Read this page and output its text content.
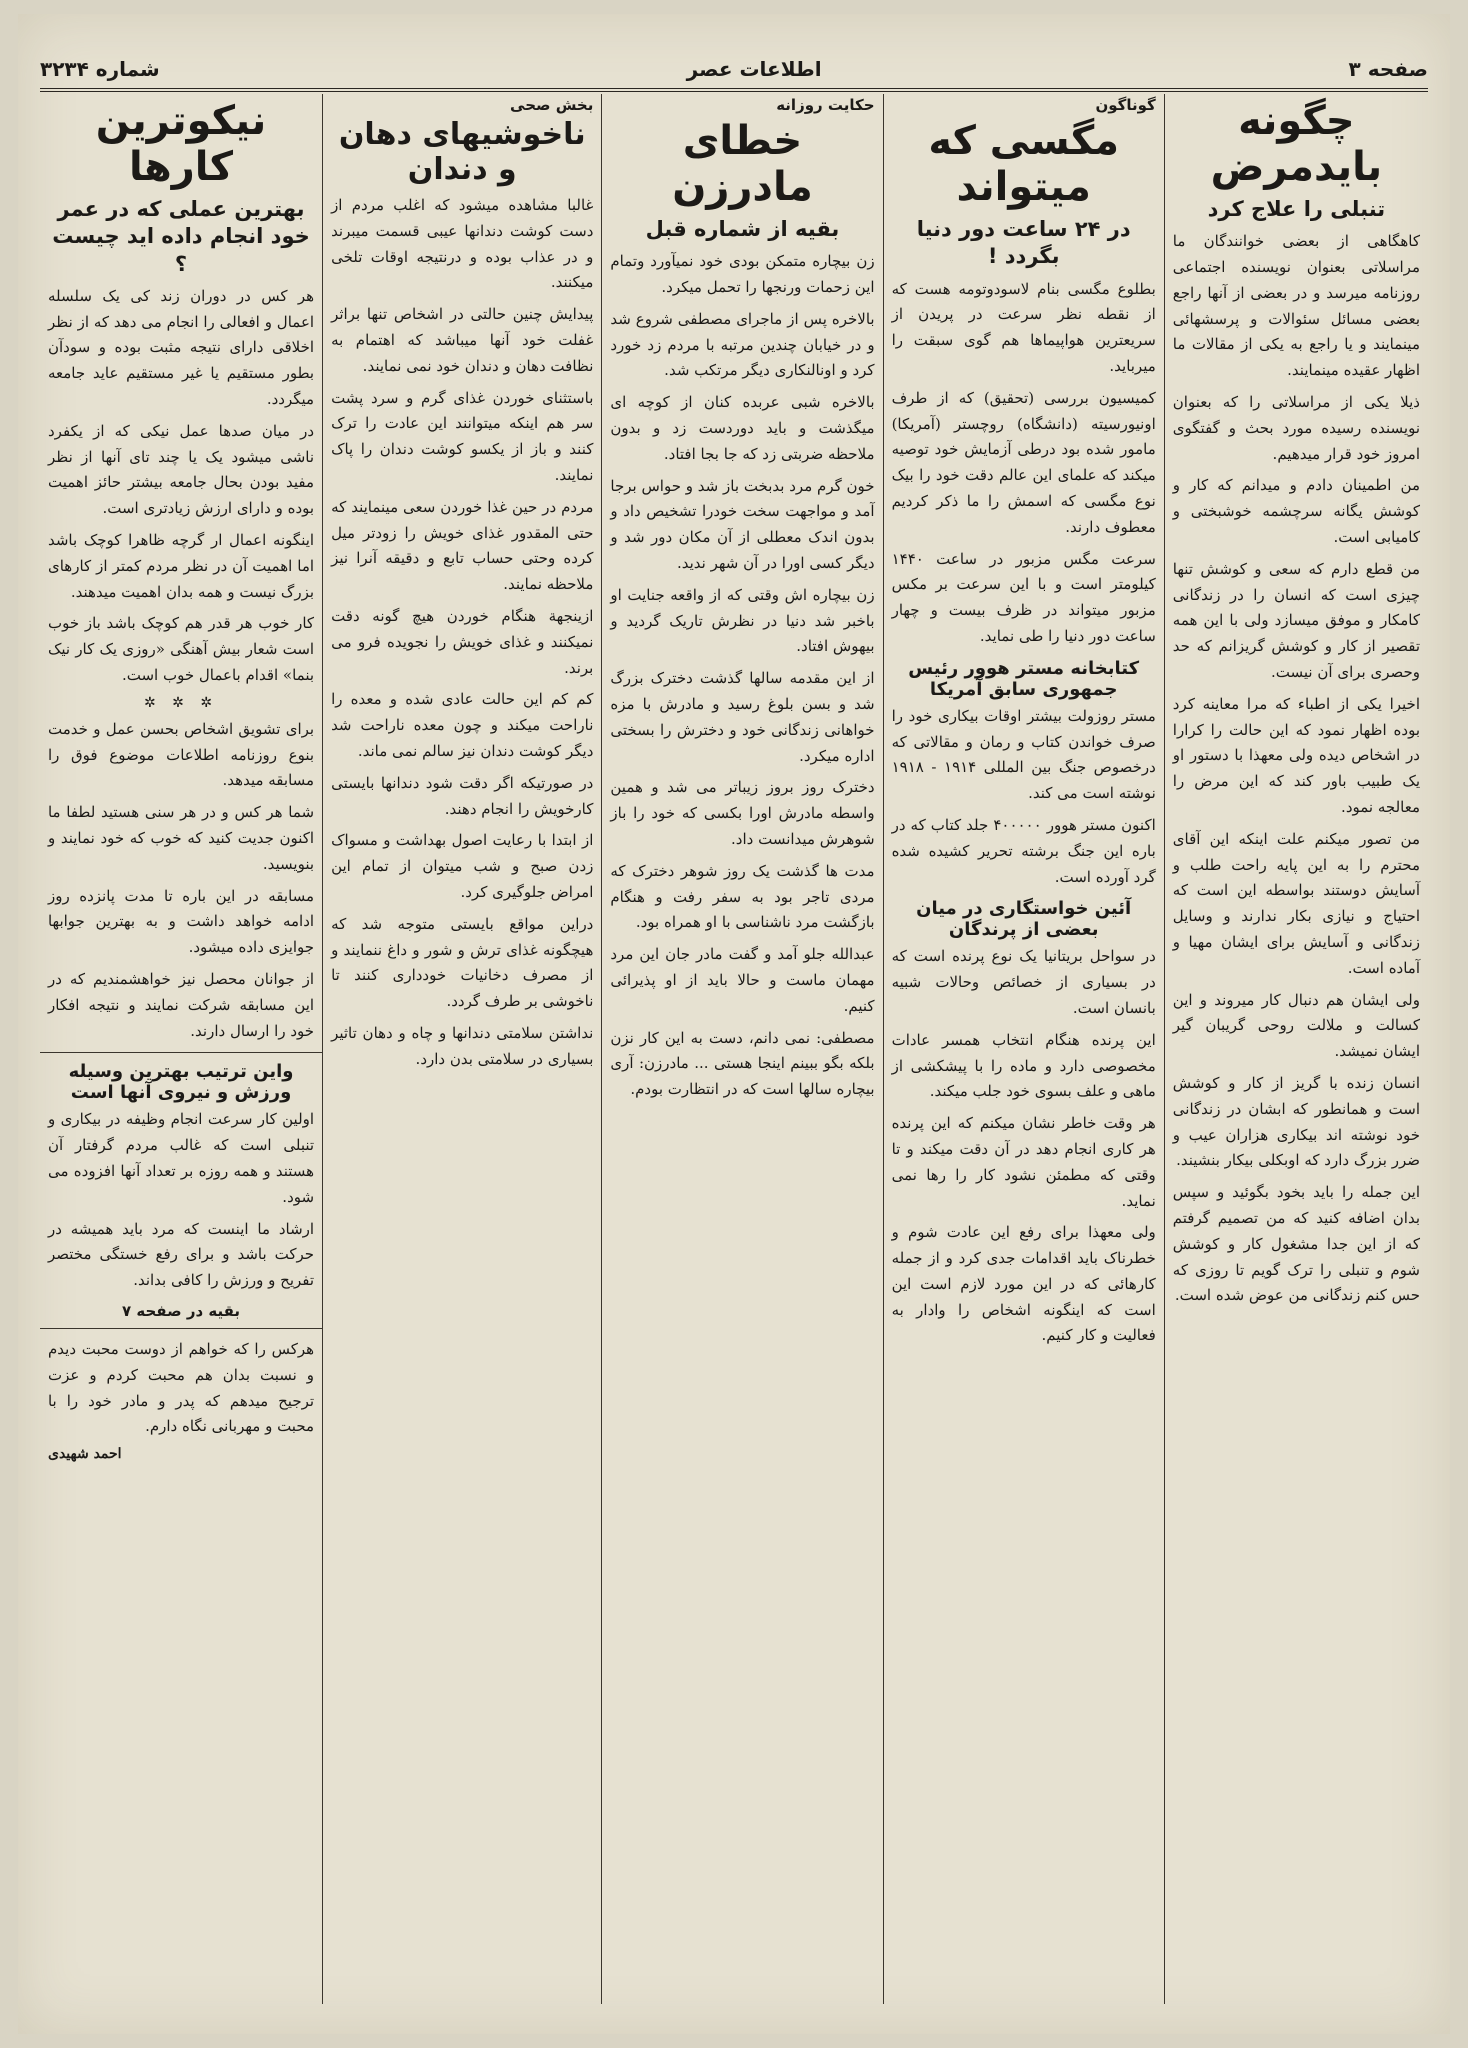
صفحه ۳
اطلاعات عصر
شماره ۳۲۳۴
چگونه بایدمرض
تنبلی را علاج کرد

کاهگاهی از بعضی خوانندگان ما مراسلاتی بعنوان نویسنده اجتماعی روزنامه میرسد و در بعضی از آنها راجع بعضی مسائل سئوالات و پرسشهائی مینمایند و یا راجع به یکی از مقالات ما اظهار عقیده مینمایند.

ذیلا یکی از مراسلاتی را که بعنوان نویسنده رسیده مورد بحث و گفتگوی امروز خود قرار میدهیم.

من اطمینان دادم و میدانم که کار و کوشش یگانه سرچشمه خوشبختی و کامیابی است.

من قطع دارم که سعی و کوشش تنها چیزی است که انسان را در زندگانی کامکار و موفق میسازد ولی با این همه تقصیر از کار و کوشش گریزانم که حد وحصری برای آن نیست.

اخیرا یکی از اطباء که مرا معاینه کرد بوده اظهار نمود که این حالت را کرارا در اشخاص دیده ولی معهذا با دستور او یک طبیب باور کند که این مرض را معالجه نمود.

من تصور میکنم علت اینکه این آقای محترم را به این پایه راحت طلب و آسایش دوستند بواسطه این است که احتیاج و نیازی بکار ندارند و وسایل زندگانی و آسایش برای ایشان مهیا و آماده است.

ولی ایشان هم دنبال کار میروند و این کسالت و ملالت روحی گریبان گیر ایشان نمیشد.

انسان زنده با گریز از کار و کوشش است و همانطور که ابشان در زندگانی خود نوشته اند بیکاری هزاران عیب و ضرر بزرگ دارد که اوبکلی بیکار بنشیند.

این جمله را باید بخود بگوئید و سپس بدان اضافه کنید که من تصمیم گرفتم که از این جدا مشغول کار و کوشش شوم و تنبلی را ترک گویم تا روزی که حس کنم زندگانی من عوض شده است.

گوناگون
مگسی که میتواند
در ۲۴ ساعت دور دنیا بگردد !

بطلوع مگسی بنام لاسودوتومه هست که از نقطه نظر سرعت در پریدن از سریعترین هواپیماها هم گوی سبقت را میرباید.

کمیسیون بررسی (تحقیق) که از طرف اونیورسیته (دانشگاه) روچستر (آمریکا) مامور شده بود درطی آزمایش خود توصیه میکند که علمای این عالم دقت خود را بیک نوع مگسی که اسمش را ما ذکر کردیم معطوف دارند.

سرعت مگس مزبور در ساعت ۱۴۴۰ کیلومتر است و با این سرعت بر مکس مزبور میتواند در ظرف بیست و چهار ساعت دور دنیا را طی نماید.

کتابخانه مستر هوور رئیس جمهوری سابق آمریکا

مستر روزولت بیشتر اوقات بیکاری خود را صرف خواندن کتاب و رمان و مقالاتی که درخصوص جنگ بین المللی ۱۹۱۴ - ۱۹۱۸ نوشته است می کند.

اکنون مستر هوور ۴۰۰۰۰۰ جلد کتاب که در باره این جنگ برشته تحریر کشیده شده گرد آورده است.

آئین خواستگاری در میان بعضی از پرندگان

در سواحل بریتانیا یک نوع پرنده است که در بسیاری از خصائص وحالات شبیه بانسان است.

این پرنده هنگام انتخاب همسر عادات مخصوصی دارد و ماده را با پیشکشی از ماهی و علف بسوی خود جلب میکند.

هر وقت خاطر نشان میکنم که این پرنده هر کاری انجام دهد در آن دقت میکند و تا وقتی که مطمئن نشود کار را رها نمی نماید.

ولی معهذا برای رفع این عادت شوم و خطرناک باید اقدامات جدی کرد و از جمله کارهائی که در این مورد لازم است این است که اینگونه اشخاص را وادار به فعالیت و کار کنیم.

حکایت روزانه
خطای مادرزن
بقیه از شماره قبل

زن بیچاره متمکن بودی خود نمیآورد وتمام این زحمات ورنجها را تحمل میکرد.

بالاخره پس از ماجرای مصطفی شروع شد و در خیابان چندین مرتبه با مردم زد خورد کرد و اونالنکاری دیگر مرتکب شد.

بالاخره شبی عربده کنان از کوچه ای میگذشت و باید دوردست زد و بدون ملاحظه ضربتی زد که جا بجا افتاد.

خون گرم مرد بدبخت باز شد و حواس برجا آمد و مواجهت سخت خودرا تشخیص داد و بدون اندک معطلی از آن مکان دور شد و دیگر کسی اورا در آن شهر ندید.

زن بیچاره اش وقتی که از واقعه جنایت او باخبر شد دنیا در نظرش تاریک گردید و بیهوش افتاد.

از این مقدمه سالها گذشت دخترک بزرگ شد و بسن بلوغ رسید و مادرش با مزه خواهانی زندگانی خود و دخترش را بسختی اداره میکرد.

دخترک روز بروز زیباتر می شد و همین واسطه مادرش اورا بکسی که خود را باز شوهرش میدانست داد.

مدت ها گذشت یک روز شوهر دخترک که مردی تاجر بود به سفر رفت و هنگام بازگشت مرد ناشناسی با او همراه بود.

عبدالله جلو آمد و گفت مادر جان این مرد مهمان ماست و حالا باید از او پذیرائی کنیم.

مصطفی: نمی دانم، دست به این کار نزن بلکه بگو ببینم اینجا هستی ... مادرزن: آری بیچاره سالها است که در انتظارت بودم.

بخش صحی
ناخوشیهای دهان و دندان

غالبا مشاهده میشود که اغلب مردم از دست کوشت دندانها عیبی قسمت میبرند و در عذاب بوده و درنتیجه اوقات تلخی میکنند.

پیدایش چنین حالتی در اشخاص تنها براثر غفلت خود آنها میباشد که اهتمام به نظافت دهان و دندان خود نمی نمایند.

باستثنای خوردن غذای گرم و سرد پشت سر هم اینکه میتوانند این عادت را ترک کنند و باز از یکسو کوشت دندان را پاک نمایند.

مردم در حین غذا خوردن سعی مینمایند که حتی المقدور غذای خویش را زودتر میل کرده وحتی حساب تابع و دقیقه آنرا نیز ملاحظه نمایند.

ازینجهة هنگام خوردن هیچ گونه دقت نمیکنند و غذای خویش را نجویده فرو می برند.

کم کم این حالت عادی شده و معده را ناراحت میکند و چون معده ناراحت شد دیگر کوشت دندان نیز سالم نمی ماند.

در صورتیکه اگر دقت شود دندانها بایستی کارخویش را انجام دهند.

از ابتدا با رعایت اصول بهداشت و مسواک زدن صبح و شب میتوان از تمام این امراض جلوگیری کرد.

دراین مواقع بایستی متوجه شد که هیچگونه غذای ترش و شور و داغ ننمایند و از مصرف دخانیات خودداری کنند تا ناخوشی بر طرف گردد.

نداشتن سلامتی دندانها و چاه و دهان تاثیر بسیاری در سلامتی بدن دارد.

نیکوترین کارها
بهترین عملی که در عمر خود انجام داده اید چیست ؟

هر کس در دوران زند کی یک سلسله اعمال و افعالی را انجام می دهد که از نظر اخلاقی دارای نتیجه مثبت بوده و سودآن بطور مستقیم یا غیر مستقیم عاید جامعه میگردد.

در میان صدها عمل نیکی که از یکفرد ناشی میشود یک یا چند تای آنها از نظر مفید بودن بحال جامعه بیشتر حائز اهمیت بوده و دارای ارزش زیادتری است.

اینگونه اعمال ار گرچه ظاهرا کوچک باشد اما اهمیت آن در نظر مردم کمتر از کارهای بزرگ نیست و همه بدان اهمیت میدهند.

کار خوب هر قدر هم کوچک باشد باز خوب است شعار بیش آهنگی «روزی یک کار نیک بنما» اقدام باعمال خوب است.

✲ ✲ ✲

برای تشویق اشخاص بحسن عمل و خدمت بنوع روزنامه اطلاعات موضوع فوق را مسابقه میدهد.

شما هر کس و در هر سنی هستید لطفا ما اکنون جدیت کنید که خوب که خود نمایند و بنویسید.

مسابقه در این باره تا مدت پانزده روز ادامه خواهد داشت و به بهترین جوابها جوایزی داده میشود.

از جوانان محصل نیز خواهشمندیم که در این مسابقه شرکت نمایند و نتیجه افکار خود را ارسال دارند.

واین ترتیب بهترین وسیله ورزش و نیروی آنها است

اولین کار سرعت انجام وظیفه در بیکاری و تنبلی است که غالب مردم گرفتار آن هستند و همه روزه بر تعداد آنها افزوده می شود.

ارشاد ما اینست که مرد باید همیشه در حرکت باشد و برای رفع خستگی مختصر تفریح و ورزش را کافی بداند.

بقیه در صفحه ۷

هرکس را که خواهم از دوست محبت دیدم و نسبت بدان هم محبت کردم و عزت ترجیح میدهم که پدر و مادر خود را با محبت و مهربانی نگاه دارم.

احمد شهیدی
